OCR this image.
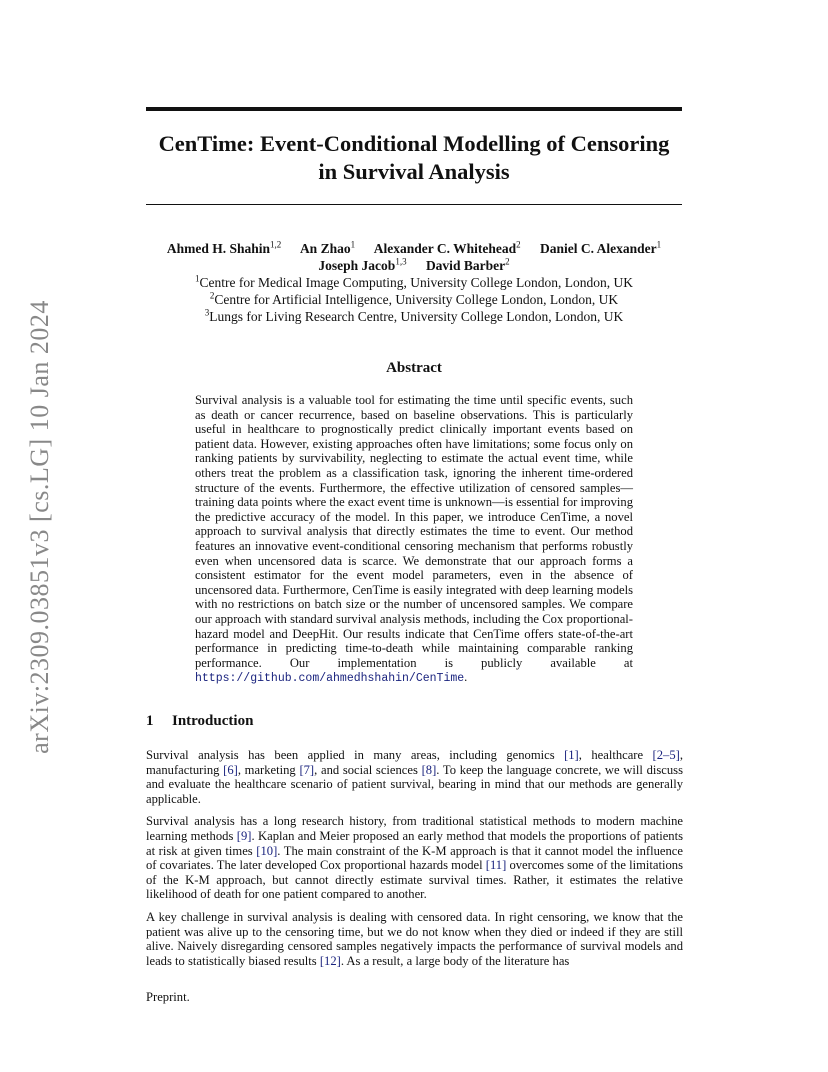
arXiv:2309.03851v3 [cs.LG] 10 Jan 2024
CenTime: Event-Conditional Modelling of Censoring
in Survival Analysis
Ahmed H. Shahin$^{1,2}$ An Zhao$^1$ Alexander C. Whitehead$^2$ Daniel C. Alexander$^1$
Joseph Jacob$^{1,3}$ David Barber$^2$
$^1$Centre for Medical Image Computing, University College London, London, UK
$^2$Centre for Artificial Intelligence, University College London, London, UK
$^3$Lungs for Living Research Centre, University College London, London, UK
Abstract
Survival analysis is a valuable tool for estimating the time until specific events, such as death or cancer recurrence, based on baseline observations. This is particularly useful in healthcare to prognostically predict clinically important events based on patient data. However, existing approaches often have limitations; some focus only on ranking patients by survivability, neglecting to estimate the actual event time, while others treat the problem as a classification task, ignoring the inherent time-ordered structure of the events. Furthermore, the effective utilization of censored samples—training data points where the exact event time is unknown—is essential for improving the predictive accuracy of the model. In this paper, we introduce CenTime, a novel approach to survival analysis that directly estimates the time to event. Our method features an innovative event-conditional censoring mechanism that performs robustly even when uncensored data is scarce. We demonstrate that our approach forms a consistent estimator for the event model parameters, even in the absence of uncensored data. Furthermore, CenTime is easily integrated with deep learning models with no restrictions on batch size or the number of uncensored samples. We compare our approach with standard survival analysis methods, including the Cox proportional-hazard model and DeepHit. Our results indicate that CenTime offers state-of-the-art performance in predicting time-to-death while maintaining comparable ranking performance. Our implementation is publicly available at https://github.com/ahmedhshahin/CenTime.
1 Introduction

Survival analysis has been applied in many areas, including genomics [1], healthcare [2–5], manufacturing [6], marketing [7], and social sciences [8]. To keep the language concrete, we will discuss and evaluate the healthcare scenario of patient survival, bearing in mind that our methods are generally applicable.

Survival analysis has a long research history, from traditional statistical methods to modern machine learning methods [9]. Kaplan and Meier proposed an early method that models the proportions of patients at risk at given times [10]. The main constraint of the K-M approach is that it cannot model the influence of covariates. The later developed Cox proportional hazards model [11] overcomes some of the limitations of the K-M approach, but cannot directly estimate survival times. Rather, it estimates the relative likelihood of death for one patient compared to another.

A key challenge in survival analysis is dealing with censored data. In right censoring, we know that the patient was alive up to the censoring time, but we do not know when they died or indeed if they are still alive. Naively disregarding censored samples negatively impacts the performance of survival models and leads to statistically biased results [12]. As a result, a large body of the literature has

Preprint.
